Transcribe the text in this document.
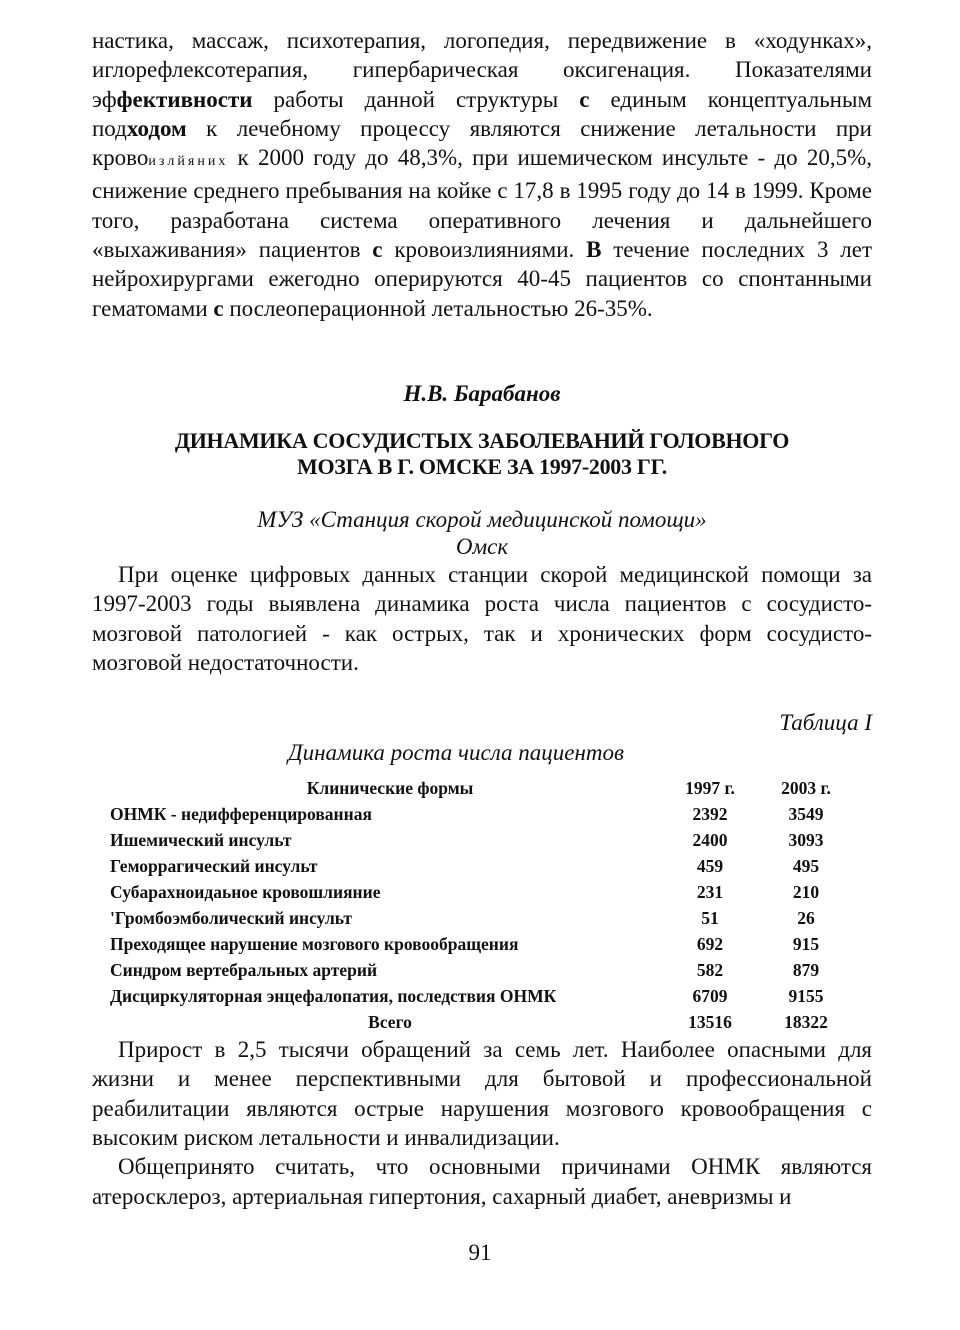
настика, массаж, психотерапия, логопедия, передвижение в «ходунках», иглорефлексотерапия, гипербарическая оксигенация. Показателями эффективности работы данной структуры с единым концептуальным подходом к лечебному процессу являются снижение летальности при кровоизлйяних к 2000 году до 48,3%, при ишемическом инсульте - до 20,5%, снижение среднего пребывания на койке с 17,8 в 1995 году до 14 в 1999. Кроме того, разработана система оперативного лечения и дальнейшего «выхаживания» пациентов с кровоизлияниями. В течение последних 3 лет нейрохирургами ежегодно оперируются 40-45 пациентов со спонтанными гематомами с послеоперационной летальностью 26-35%.

Н.В. Барабанов
ДИНАМИКА СОСУДИСТЫХ ЗАБОЛЕВАНИЙ ГОЛОВНОГО
МОЗГА В Г. ОМСКЕ ЗА 1997-2003 ГГ.
МУЗ «Станция скорой медицинской помощи»
Омск

При оценке цифровых данных станции скорой медицинской помощи за 1997-2003 годы выявлена динамика роста числа пациентов с сосудисто-мозговой патологией - как острых, так и хронических форм сосудисто-мозговой недостаточности.

Таблица I
Динамика роста числа пациентов
Клинические формы	1997 г.	2003 г.
ОНМК - недифференцированная	2392	3549
Ишемический инсульт	2400	3093
Геморрагический инсульт	459	495
Субарахноидаьное кровошлияние	231	210
'Громбоэмболический инсульт	51	26
Преходящее нарушение мозгового кровообращения	692	915
Синдром вертебральных артерий	582	879
Дисциркуляторная энцефалопатия, последствия ОНМК	6709	9155
Всего	13516	18322

Прирост в 2,5 тысячи обращений за семь лет. Наиболее опасными для жизни и менее перспективными для бытовой и профессиональной реабилитации являются острые нарушения мозгового кровообращения с высоким риском летальности и инвалидизации.

Общепринято считать, что основными причинами ОНМК являются атеросклероз, артериальная гипертония, сахарный диабет, аневризмы и

91
